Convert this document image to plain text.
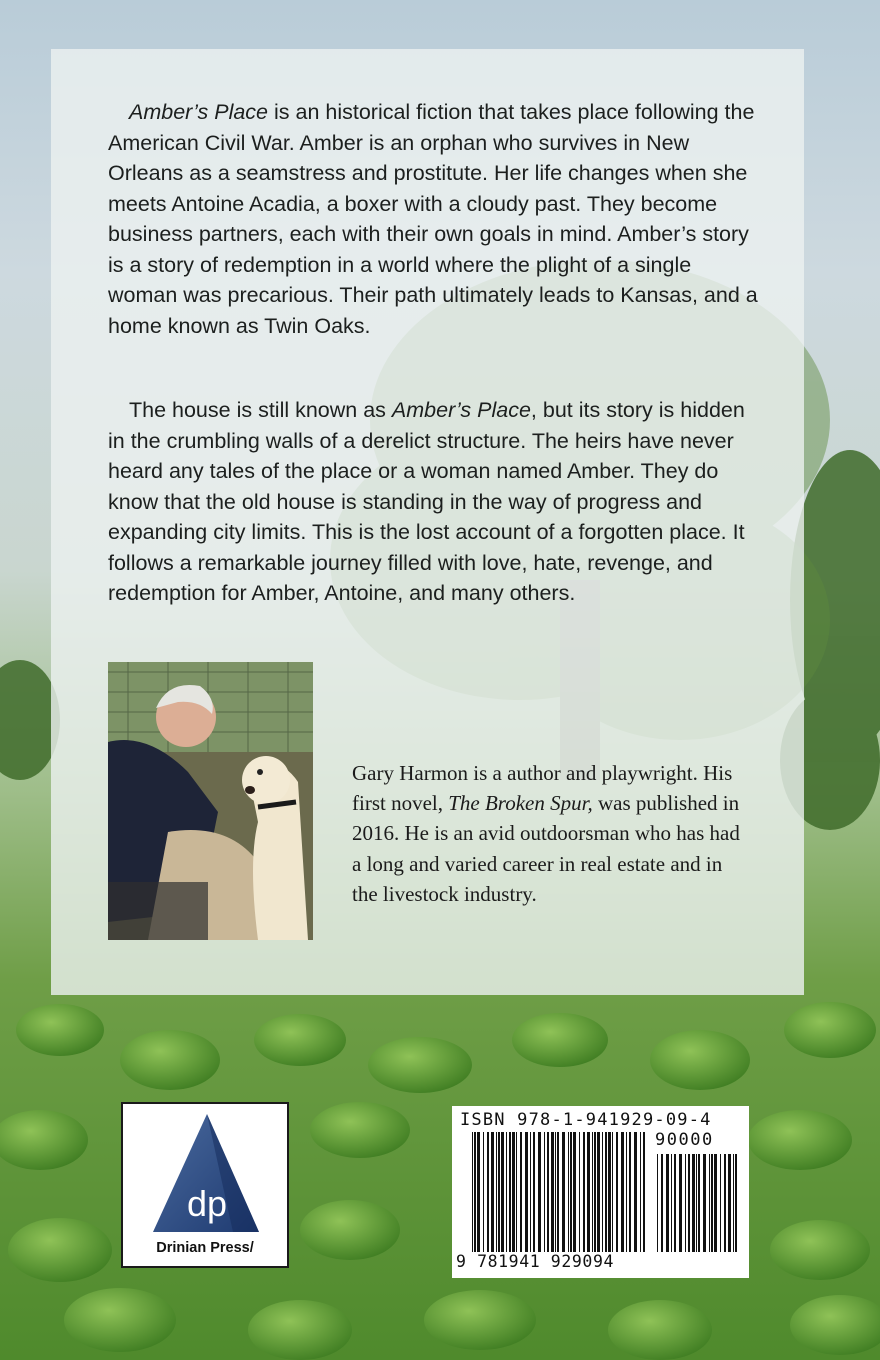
Amber’s Place is an historical fiction that takes place following the American Civil War. Amber is an orphan who survives in New Orleans as a seamstress and prostitute. Her life changes when she meets Antoine Acadia, a boxer with a cloudy past. They become business partners, each with their own goals in mind. Amber’s story is a story of redemption in a world where the plight of a single woman was precarious. Their path ultimately leads to Kansas, and a home known as Twin Oaks.

The house is still known as Amber’s Place, but its story is hidden in the crumbling walls of a derelict structure. The heirs have never heard any tales of the place or a woman named Amber. They do know that the old house is standing in the way of progress and expanding city limits. This is the lost account of a forgotten place. It follows a remarkable journey filled with love, hate, revenge, and redemption for Amber, Antoine, and many others.

Gary Harmon is a author and playwright. His first novel, The Broken Spur, was published in 2016. He is an avid outdoorsman who has had a long and varied career in real estate and in the livestock industry.

dp
Drinian Press/

ISBN 978-1-941929-09-4

90000

9 781941 929094
